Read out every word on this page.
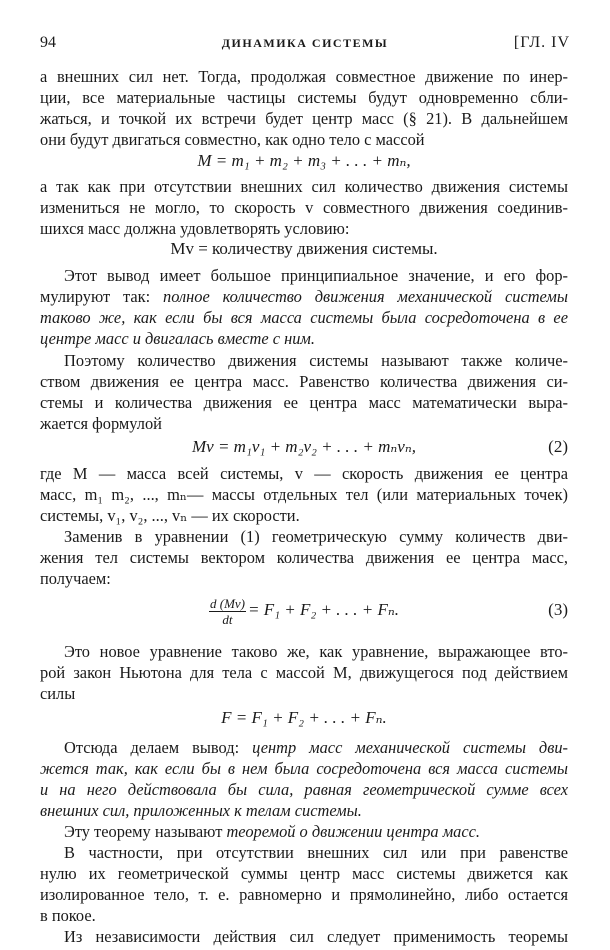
94	ДИНАМИКА СИСТЕМЫ	[ГЛ. IV
а внешних сил нет. Тогда, продолжая совместное движение по инер-
ции, все материальные частицы системы будут одновременно сбли-
жаться, и точкой их встречи будет центр масс (§ 21). В дальнейшем
они будут двигаться совместно, как одно тело с массой
M = m₁ + m₂ + m₃ + . . . + mₙ,
а так как при отсутствии внешних сил количество движения системы
измениться не могло, то скорость v совместного движения соединив-
шихся масс должна удовлетворять условию:
Mv = количеству движения системы.
Этот вывод имеет большое принципиальное значение, и его фор-
мулируют так: полное количество движения механической системы
таково же, как если бы вся масса системы была сосредоточена в ее
центре масс и двигалась вместе с ним.
Поэтому количество движения системы называют также количе-
ством движения ее центра масс. Равенство количества движения си-
стемы и количества движения ее центра масс математически выра-
жается формулой
Mv = m₁v₁ + m₂v₂ + . . . + mₙvₙ,	(2)
где M — масса всей системы, v — скорость движения ее центра
масс, m₁ m₂, ..., mₙ— массы отдельных тел (или материальных точек)
системы, v₁, v₂, ..., vₙ — их скорости.
Заменив в уравнении (1) геометрическую сумму количеств дви-
жения тел системы вектором количества движения ее центра масс,
получаем:
$\frac{d (Mv)}{dt} = F_1 + F_2$ + . . . + Fₙ.	(3)
Это новое уравнение таково же, как уравнение, выражающее вто-
рой закон Ньютона для тела с массой M, движущегося под действием
силы
F = F₁ + F₂ + . . . + Fₙ.
Отсюда делаем вывод: центр масс механической системы дви-
жется так, как если бы в нем была сосредоточена вся масса системы
и на него действовала бы сила, равная геометрической сумме всех
внешних сил, приложенных к телам системы.
Эту теорему называют теоремой о движении центра масс.
В частности, при отсутствии внешних сил или при равенстве
нулю их геометрической суммы центр масс системы движется как
изолированное тело, т. е. равномерно и прямолинейно, либо остается
в покое.
Из независимости действия сил следует применимость теоремы
